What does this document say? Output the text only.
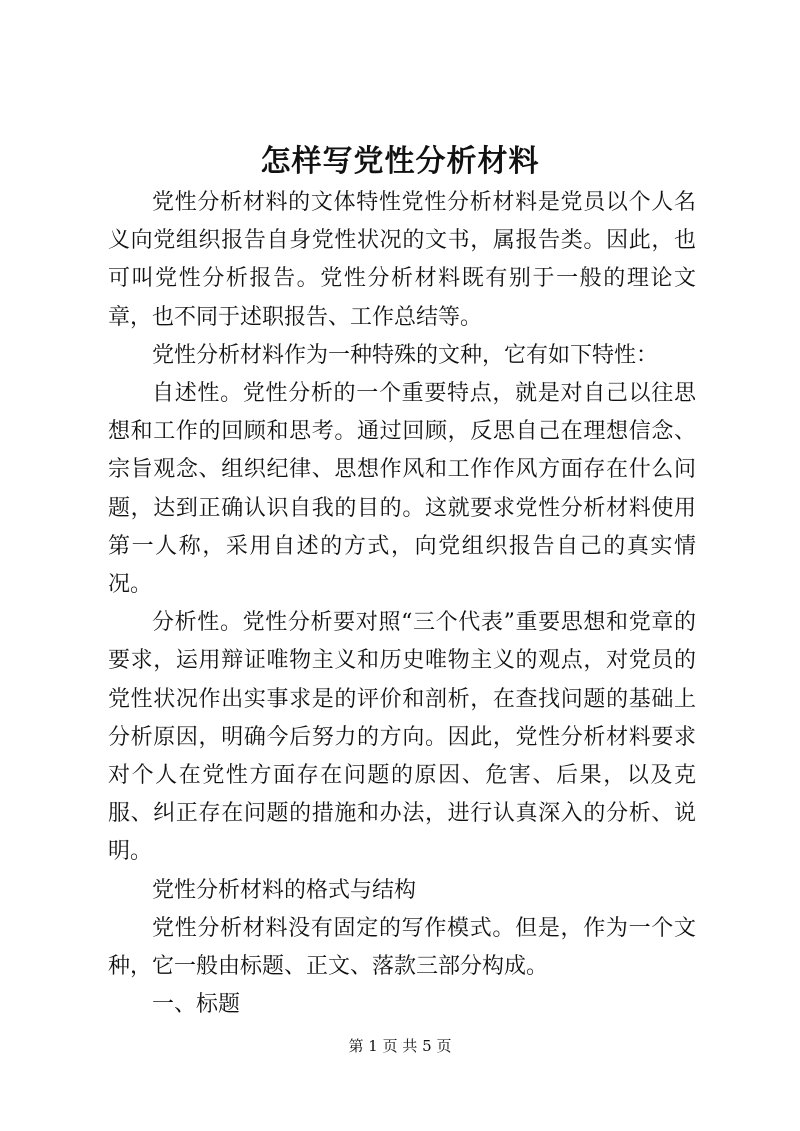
怎样写党性分析材料

党性分析材料的文体特性党性分析材料是党员以个人名义向党组织报告自身党性状况的文书，属报告类。因此，也可叫党性分析报告。党性分析材料既有别于一般的理论文章，也不同于述职报告、工作总结等。

党性分析材料作为一种特殊的文种，它有如下特性：

自述性。党性分析的一个重要特点，就是对自己以往思想和工作的回顾和思考。通过回顾，反思自己在理想信念、宗旨观念、组织纪律、思想作风和工作作风方面存在什么问题，达到正确认识自我的目的。这就要求党性分析材料使用第一人称，采用自述的方式，向党组织报告自己的真实情况。

分析性。党性分析要对照“三个代表”重要思想和党章的要求，运用辩证唯物主义和历史唯物主义的观点，对党员的党性状况作出实事求是的评价和剖析，在查找问题的基础上分析原因，明确今后努力的方向。因此，党性分析材料要求对个人在党性方面存在问题的原因、危害、后果，以及克服、纠正存在问题的措施和办法，进行认真深入的分析、说明。

党性分析材料的格式与结构

党性分析材料没有固定的写作模式。但是，作为一个文种，它一般由标题、正文、落款三部分构成。

一、标题

第 1 页 共 5 页
